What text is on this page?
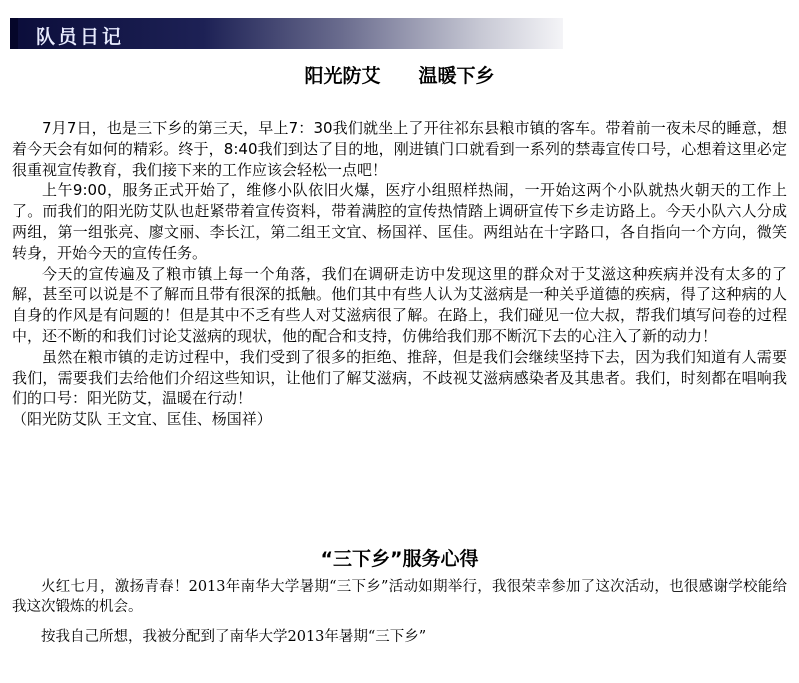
队员日记
阳光防艾　　温暖下乡

7月7日，也是三下乡的第三天，早上7：30我们就坐上了开往祁东县粮市镇的客车。带着前一夜未尽的睡意，想着今天会有如何的精彩。终于，8:40我们到达了目的地，刚进镇门口就看到一系列的禁毒宣传口号，心想着这里必定很重视宣传教育，我们接下来的工作应该会轻松一点吧！

上午9:00，服务正式开始了，维修小队依旧火爆，医疗小组照样热闹，一开始这两个小队就热火朝天的工作上了。而我们的阳光防艾队也赶紧带着宣传资料，带着满腔的宣传热情踏上调研宣传下乡走访路上。今天小队六人分成两组，第一组张亮、廖文丽、李长江，第二组王文宜、杨国祥、匡佳。两组站在十字路口，各自指向一个方向，微笑转身，开始今天的宣传任务。

今天的宣传遍及了粮市镇上每一个角落，我们在调研走访中发现这里的群众对于艾滋这种疾病并没有太多的了解，甚至可以说是不了解而且带有很深的抵触。他们其中有些人认为艾滋病是一种关乎道德的疾病，得了这种病的人自身的作风是有问题的！但是其中不乏有些人对艾滋病很了解。在路上，我们碰见一位大叔，帮我们填写问卷的过程中，还不断的和我们讨论艾滋病的现状，他的配合和支持，仿佛给我们那不断沉下去的心注入了新的动力！

虽然在粮市镇的走访过程中，我们受到了很多的拒绝、推辞，但是我们会继续坚持下去，因为我们知道有人需要我们，需要我们去给他们介绍这些知识，让他们了解艾滋病，不歧视艾滋病感染者及其患者。我们，时刻都在唱响我们的口号：阳光防艾，温暖在行动！

（阳光防艾队 王文宜、匡佳、杨国祥）

“三下乡”服务心得

火红七月，激扬青春！2013年南华大学暑期“三下乡”活动如期举行，我很荣幸参加了这次活动，也很感谢学校能给我这次锻炼的机会。

按我自己所想，我被分配到了南华大学2013年暑期“三下乡”
